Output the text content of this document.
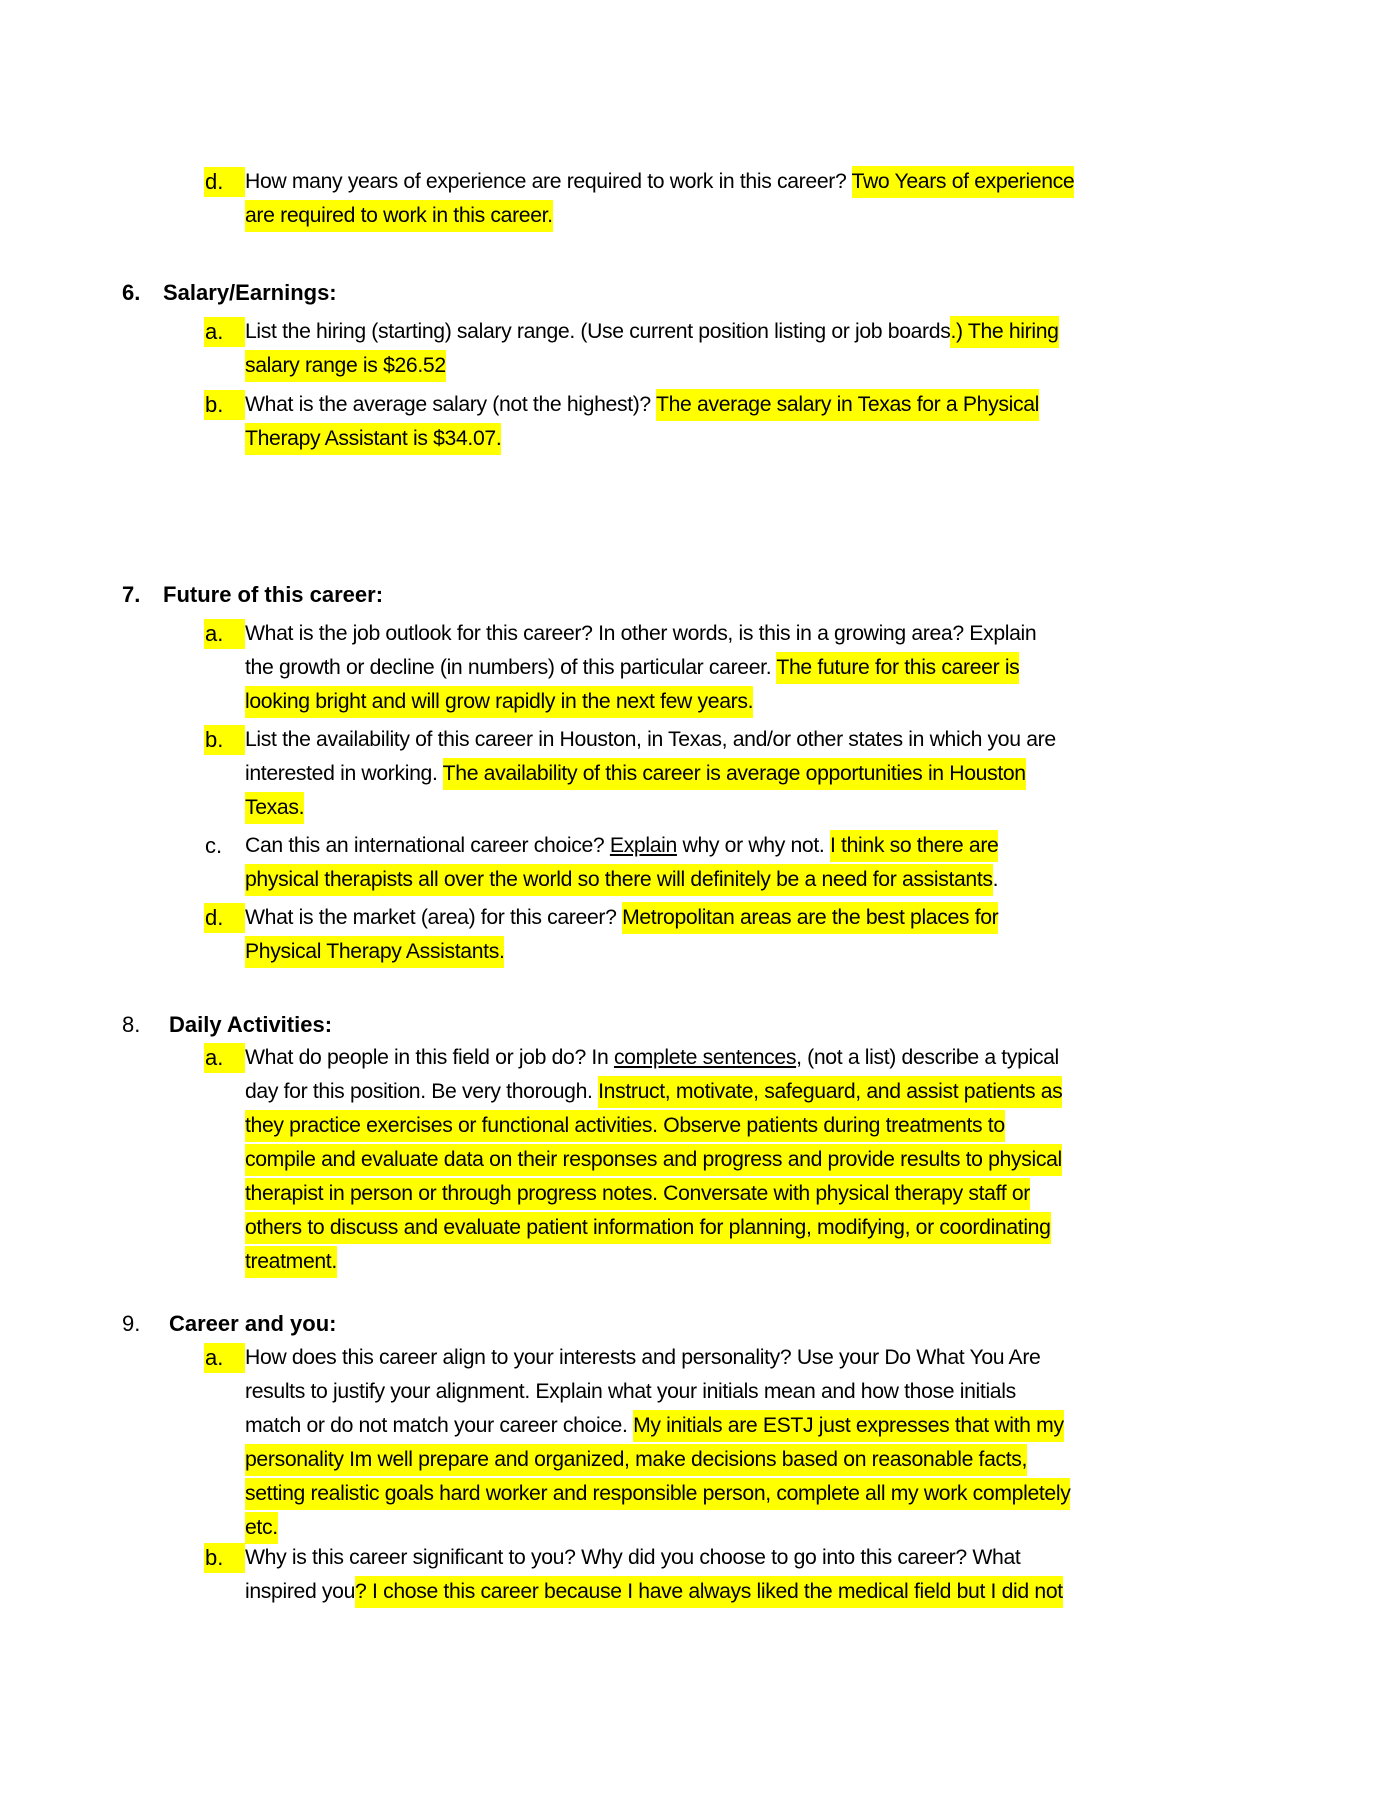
d.	How many years of experience are required to work in this career? Two Years of experience
are required to work in this career.
6. Salary/Earnings:
a.	List the hiring (starting) salary range. (Use current position listing or job boards.) The hiring
salary range is $26.52
b.	What is the average salary (not the highest)? The average salary in Texas for a Physical
Therapy Assistant is $34.07.
7. Future of this career:
a.	What is the job outlook for this career? In other words, is this in a growing area? Explain
the growth or decline (in numbers) of this particular career. The future for this career is
looking bright and will grow rapidly in the next few years.
b.	List the availability of this career in Houston, in Texas, and/or other states in which you are
interested in working. The availability of this career is average opportunities in Houston
Texas.
c.	Can this an international career choice? Explain why or why not. I think so there are
physical therapists all over the world so there will definitely be a need for assistants.
d.	What is the market (area) for this career? Metropolitan areas are the best places for
Physical Therapy Assistants.
8. Daily Activities:
a.	What do people in this field or job do? In complete sentences, (not a list) describe a typical
day for this position. Be very thorough. Instruct, motivate, safeguard, and assist patients as
they practice exercises or functional activities. Observe patients during treatments to
compile and evaluate data on their responses and progress and provide results to physical
therapist in person or through progress notes. Conversate with physical therapy staff or
others to discuss and evaluate patient information for planning, modifying, or coordinating
treatment.
9. Career and you:
a.	How does this career align to your interests and personality? Use your Do What You Are
results to justify your alignment. Explain what your initials mean and how those initials
match or do not match your career choice. My initials are ESTJ just expresses that with my
personality Im well prepare and organized, make decisions based on reasonable facts,
setting realistic goals hard worker and responsible person, complete all my work completely
etc.
b.	Why is this career significant to you? Why did you choose to go into this career? What
inspired you? I chose this career because I have always liked the medical field but I did not
